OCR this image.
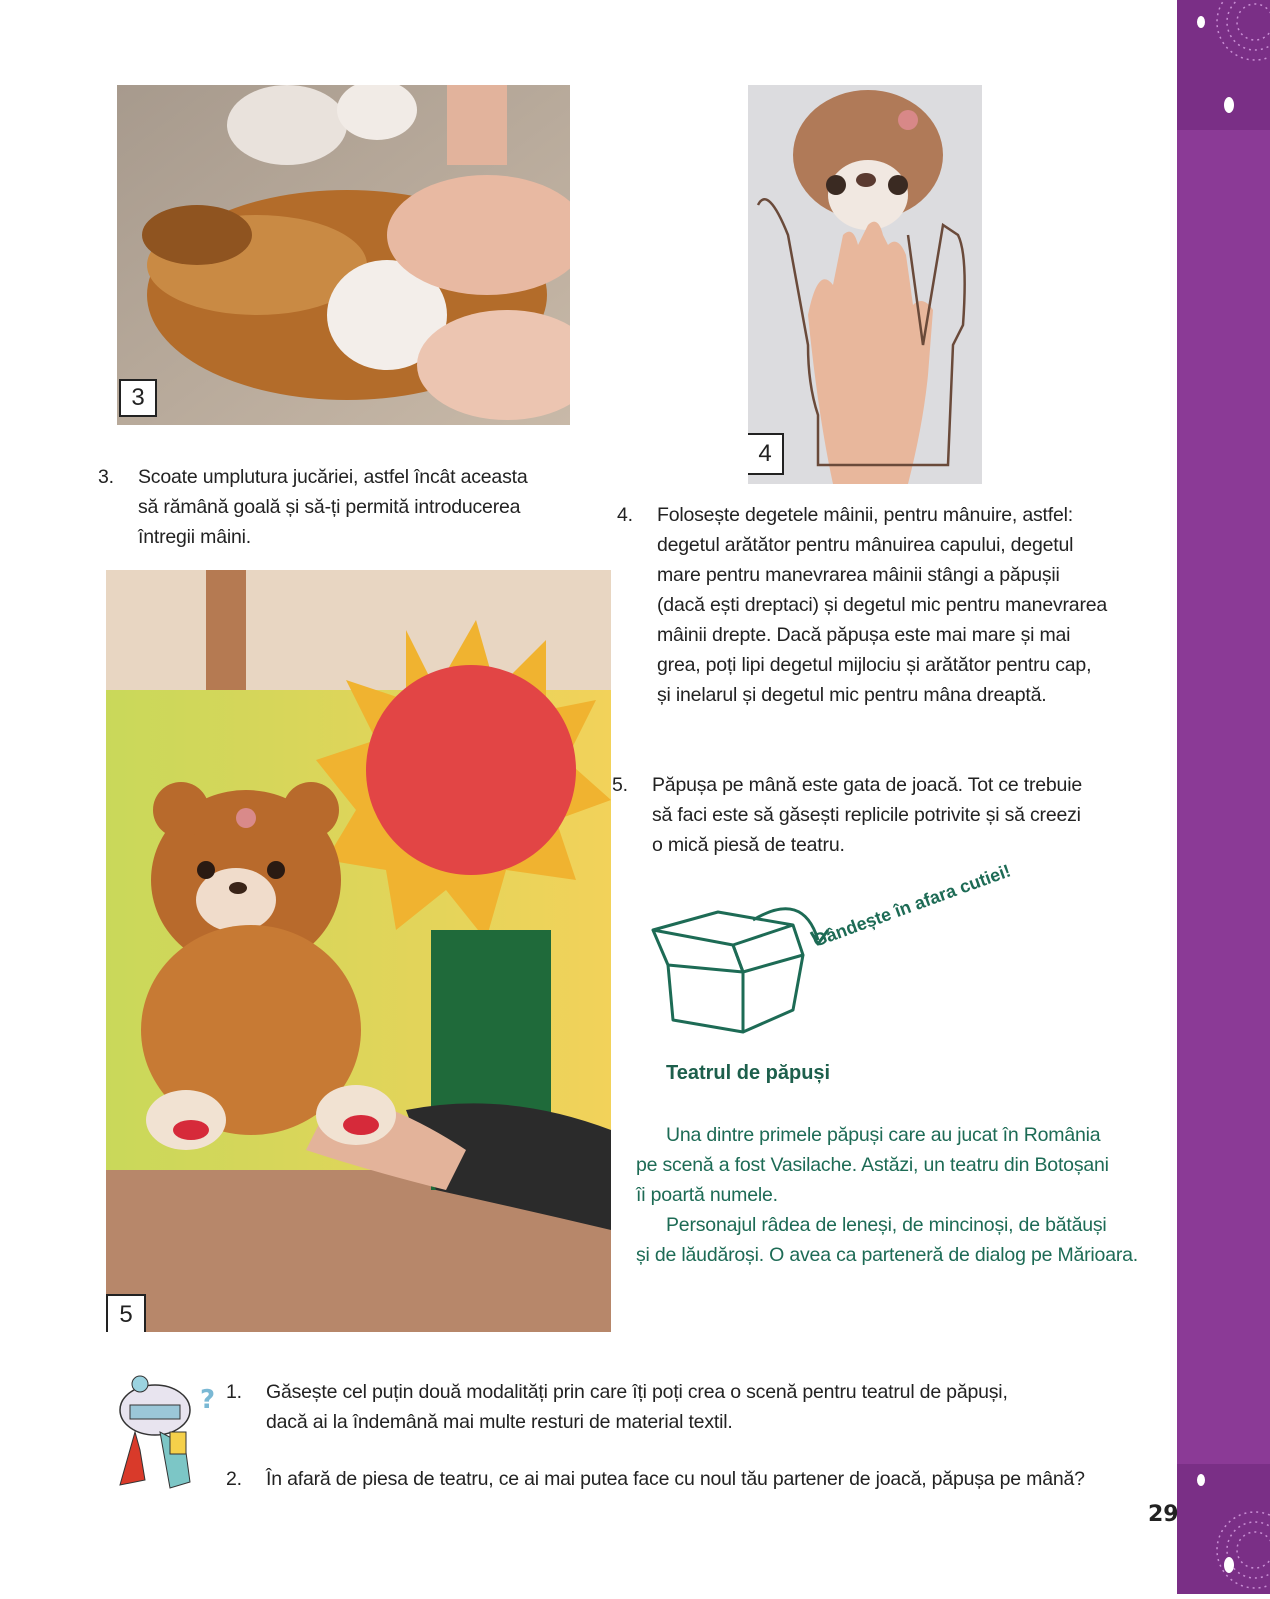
3
4

3. Scoate umplutura jucăriei, astfel încât aceasta
să rămână goală și să-ți permită introducerea
întregii mâini.

4. Folosește degetele mâinii, pentru mânuire, astfel:
degetul arătător pentru mânuirea capului, degetul
mare pentru manevrarea mâinii stângi a păpușii
(dacă ești dreptaci) și degetul mic pentru manevrarea
mâinii drepte. Dacă păpușa este mai mare și mai
grea, poți lipi degetul mijlociu și arătător pentru cap,
și inelarul și degetul mic pentru mâna dreaptă.

5

5. Păpușa pe mână este gata de joacă. Tot ce trebuie
să faci este să găsești replicile potrivite și să creezi
o mică piesă de teatru.

Gândește în afara cutiei!
Teatrul de păpuși

Una dintre primele păpuși care au jucat în România

pe scenă a fost Vasilache. Astăzi, un teatru din Botoșani

îi poartă numele.

Personajul râdea de leneși, de mincinoși, de bătăuși

și de lăudăroși. O avea ca parteneră de dialog pe Mărioara.

? 1. Găsește cel puțin două modalități prin care îți poți crea o scenă pentru teatrul de păpuși,
dacă ai la îndemână mai multe resturi de material textil.

2. În afară de piesa de teatru, ce ai mai putea face cu noul tău partener de joacă, păpușa pe mână?

29
